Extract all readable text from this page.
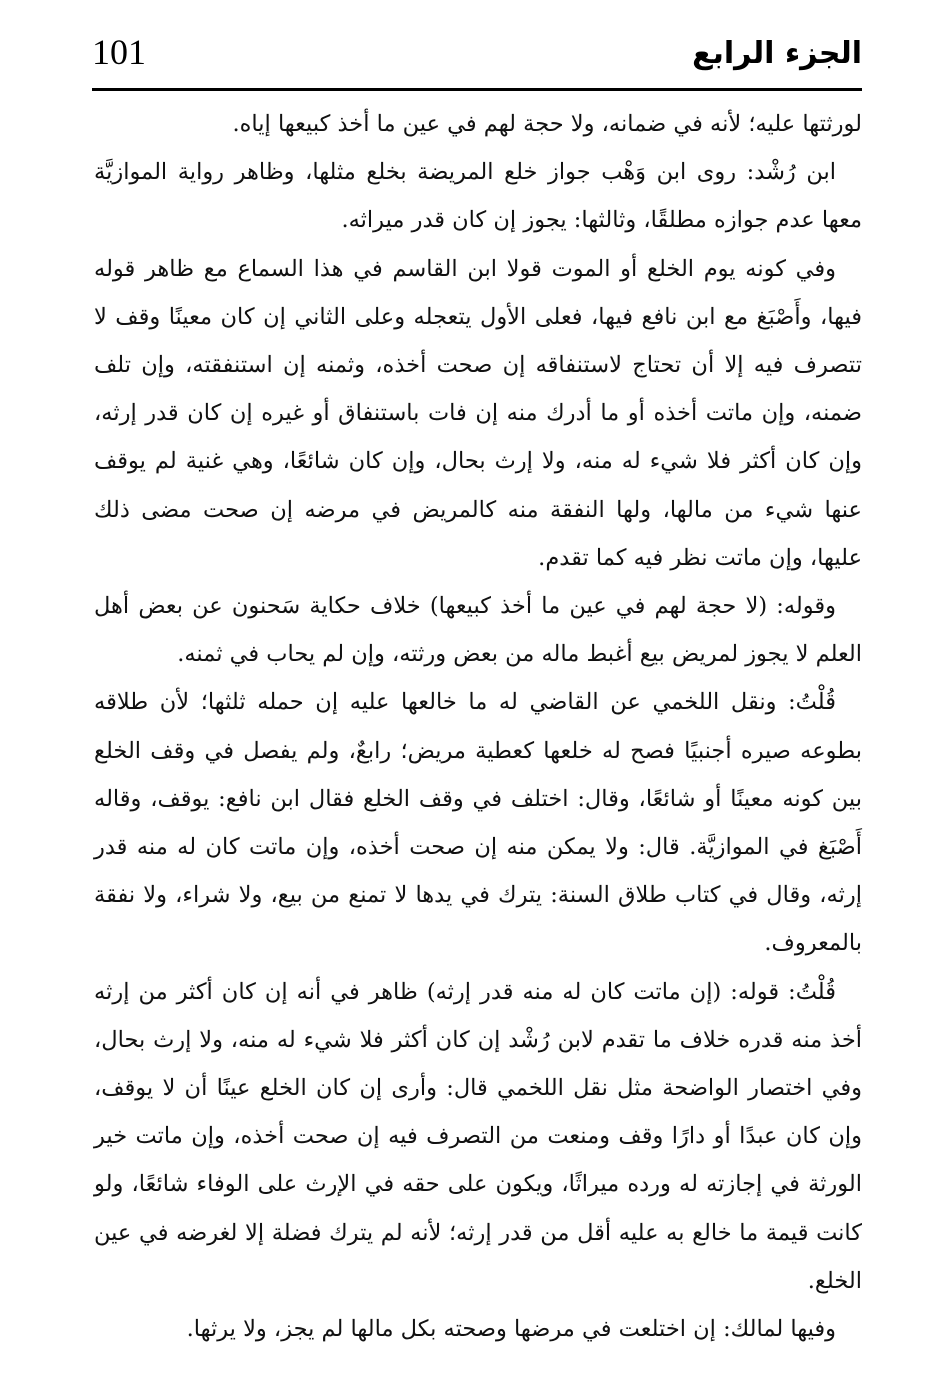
الجزء الرابع
101

لورثتها عليه؛ لأنه في ضمانه، ولا حجة لهم في عين ما أخذ كبيعها إياه.

ابن رُشْد: روى ابن وَهْب جواز خلع المريضة بخلع مثلها، وظاهر رواية الموازيَّة معها عدم جوازه مطلقًا، وثالثها: يجوز إن كان قدر ميراثه.

وفي كونه يوم الخلع أو الموت قولا ابن القاسم في هذا السماع مع ظاهر قوله فيها، وأَصْبَغ مع ابن نافع فيها، فعلى الأول يتعجله وعلى الثاني إن كان معينًا وقف لا تتصرف فيه إلا أن تحتاج لاستنفاقه إن صحت أخذه، وثمنه إن استنفقته، وإن تلف ضمنه، وإن ماتت أخذه أو ما أدرك منه إن فات باستنفاق أو غيره إن كان قدر إرثه، وإن كان أكثر فلا شيء له منه، ولا إرث بحال، وإن كان شائعًا، وهي غنية لم يوقف عنها شيء من مالها، ولها النفقة منه كالمريض في مرضه إن صحت مضى ذلك عليها، وإن ماتت نظر فيه كما تقدم.

وقوله: (لا حجة لهم في عين ما أخذ كبيعها) خلاف حكاية سَحنون عن بعض أهل العلم لا يجوز لمريض بيع أغبط ماله من بعض ورثته، وإن لم يحاب في ثمنه.

قُلْتُ: ونقل اللخمي عن القاضي له ما خالعها عليه إن حمله ثلثها؛ لأن طلاقه بطوعه صيره أجنبيًا فصح له خلعها كعطية مريض؛ رابعٌ، ولم يفصل في وقف الخلع بين كونه معينًا أو شائعًا، وقال: اختلف في وقف الخلع فقال ابن نافع: يوقف، وقاله أَصْبَغ في الموازيَّة. قال: ولا يمكن منه إن صحت أخذه، وإن ماتت كان له منه قدر إرثه، وقال في كتاب طلاق السنة: يترك في يدها لا تمنع من بيع، ولا شراء، ولا نفقة بالمعروف.

قُلْتُ: قوله: (إن ماتت كان له منه قدر إرثه) ظاهر في أنه إن كان أكثر من إرثه أخذ منه قدره خلاف ما تقدم لابن رُشْد إن كان أكثر فلا شيء له منه، ولا إرث بحال، وفي اختصار الواضحة مثل نقل اللخمي قال: وأرى إن كان الخلع عينًا أن لا يوقف، وإن كان عبدًا أو دارًا وقف ومنعت من التصرف فيه إن صحت أخذه، وإن ماتت خير الورثة في إجازته له ورده ميراثًا، ويكون على حقه في الإرث على الوفاء شائعًا، ولو كانت قيمة ما خالع به عليه أقل من قدر إرثه؛ لأنه لم يترك فضلة إلا لغرضه في عين الخلع.

وفيها لمالك: إن اختلعت في مرضها وصحته بكل مالها لم يجز، ولا يرثها.
